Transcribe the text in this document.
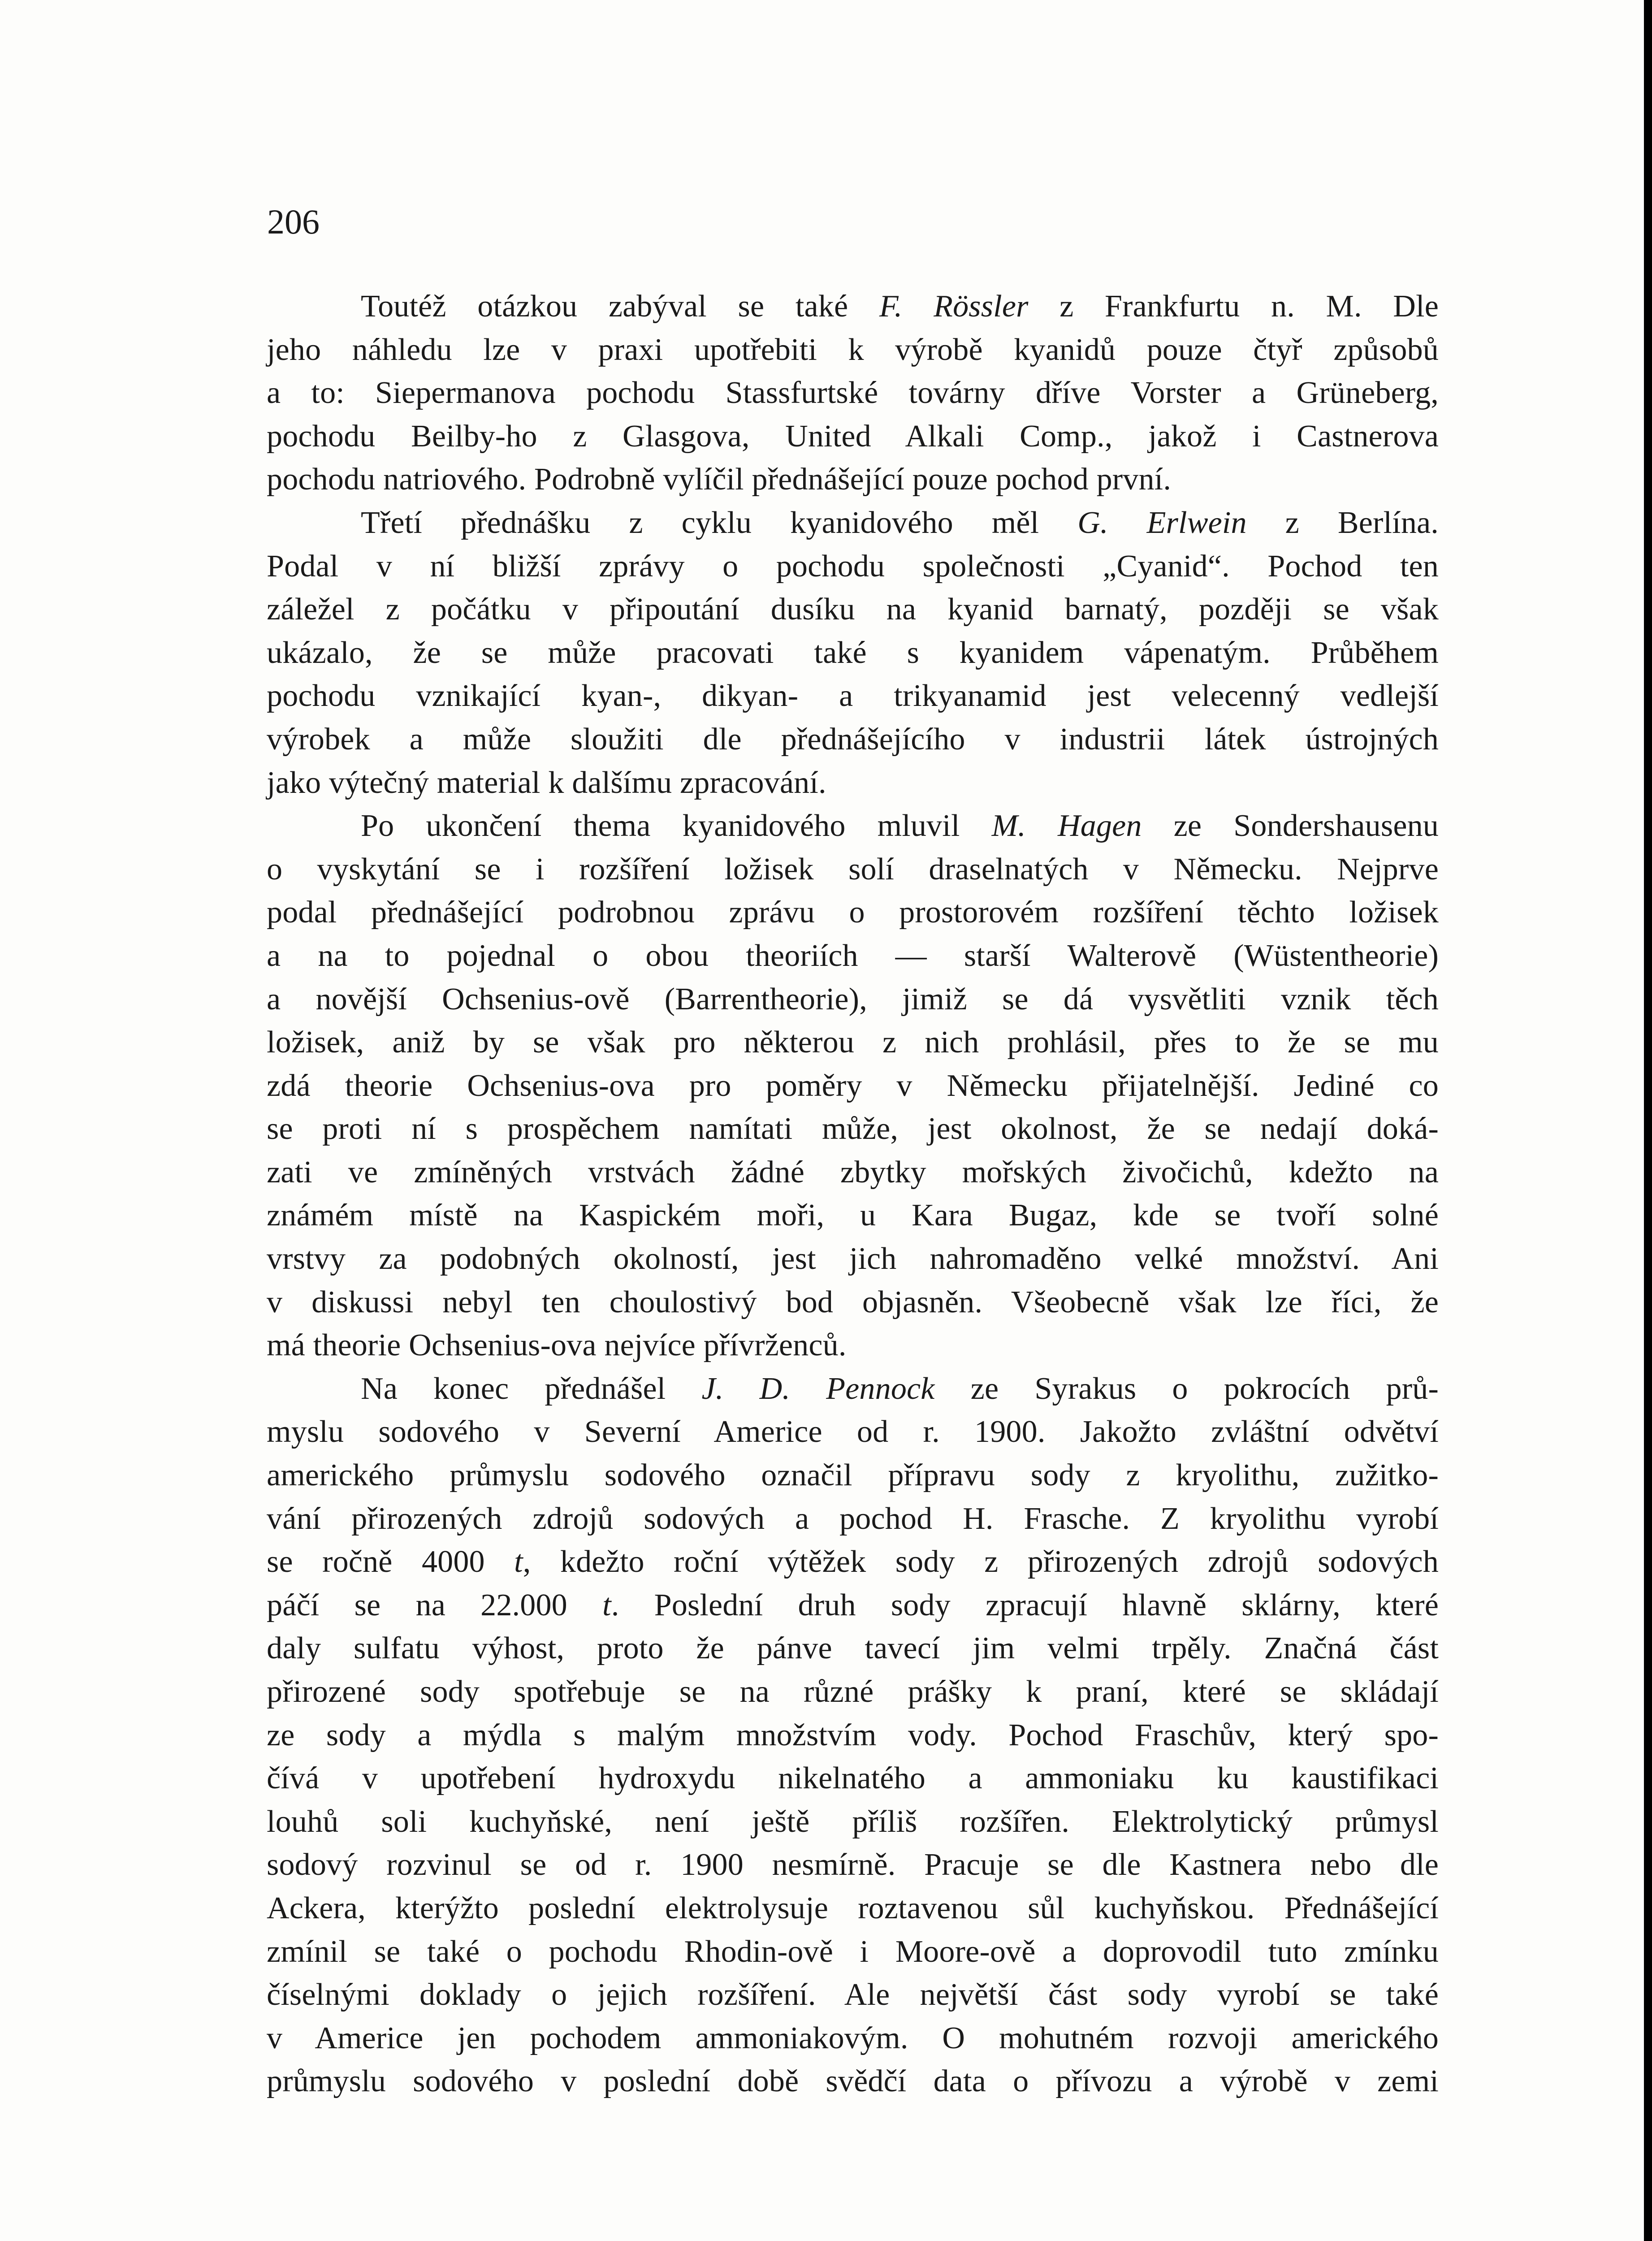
206
Toutéž otázkou zabýval se také F. Rössler z Frankfurtu n. M. Dle
jeho náhledu lze v praxi upotřebiti k výrobě kyanidů pouze čtyř způsobů
a to: Siepermanova pochodu Stassfurtské továrny dříve Vorster a Grüneberg,
pochodu Beilby-ho z Glasgova, United Alkali Comp., jakož i Castnerova
pochodu natriového. Podrobně vylíčil přednášející pouze pochod první.
Třetí přednášku z cyklu kyanidového měl G. Erlwein z Berlína.
Podal v ní bližší zprávy o pochodu společnosti „Cyanid“. Pochod ten
záležel z počátku v připoutání dusíku na kyanid barnatý, později se však
ukázalo, že se může pracovati také s kyanidem vápenatým. Průběhem
pochodu vznikající kyan-, dikyan- a trikyanamid jest velecenný vedlejší
výrobek a může sloužiti dle přednášejícího v industrii látek ústrojných
jako výtečný material k dalšímu zpracování.
Po ukončení thema kyanidového mluvil M. Hagen ze Sondershausenu
o vyskytání se i rozšíření ložisek solí draselnatých v Německu. Nejprve
podal přednášející podrobnou zprávu o prostorovém rozšíření těchto ložisek
a na to pojednal o obou theoriích — starší Walterově (Wüstentheorie)
a novější Ochsenius-ově (Barrentheorie), jimiž se dá vysvětliti vznik těch
ložisek, aniž by se však pro některou z nich prohlásil, přes to že se mu
zdá theorie Ochsenius-ova pro poměry v Německu přijatelnější. Jediné co
se proti ní s prospěchem namítati může, jest okolnost, že se nedají doká-
zati ve zmíněných vrstvách žádné zbytky mořských živočichů, kdežto na
známém místě na Kaspickém moři, u Kara Bugaz, kde se tvoří solné
vrstvy za podobných okolností, jest jich nahromaděno velké množství. Ani
v diskussi nebyl ten choulostivý bod objasněn. Všeobecně však lze říci, že
má theorie Ochsenius-ova nejvíce přívrženců.
Na konec přednášel J. D. Pennock ze Syrakus o pokrocích prů-
myslu sodového v Severní Americe od r. 1900. Jakožto zvláštní odvětví
amerického průmyslu sodového označil přípravu sody z kryolithu, zužitko-
vání přirozených zdrojů sodových a pochod H. Frasche. Z kryolithu vyrobí
se ročně 4000 t, kdežto roční výtěžek sody z přirozených zdrojů sodových
páčí se na 22.000 t. Poslední druh sody zpracují hlavně sklárny, které
daly sulfatu výhost, proto že pánve tavecí jim velmi trpěly. Značná část
přirozené sody spotřebuje se na různé prášky k praní, které se skládají
ze sody a mýdla s malým množstvím vody. Pochod Fraschův, který spo-
čívá v upotřebení hydroxydu nikelnatého a ammoniaku ku kaustifikaci
louhů soli kuchyňské, není ještě příliš rozšířen. Elektrolytický průmysl
sodový rozvinul se od r. 1900 nesmírně. Pracuje se dle Kastnera nebo dle
Ackera, kterýžto poslední elektrolysuje roztavenou sůl kuchyňskou. Přednášející
zmínil se také o pochodu Rhodin-ově i Moore-ově a doprovodil tuto zmínku
číselnými doklady o jejich rozšíření. Ale největší část sody vyrobí se také
v Americe jen pochodem ammoniakovým. O mohutném rozvoji amerického
průmyslu sodového v poslední době svědčí data o přívozu a výrobě v zemi
